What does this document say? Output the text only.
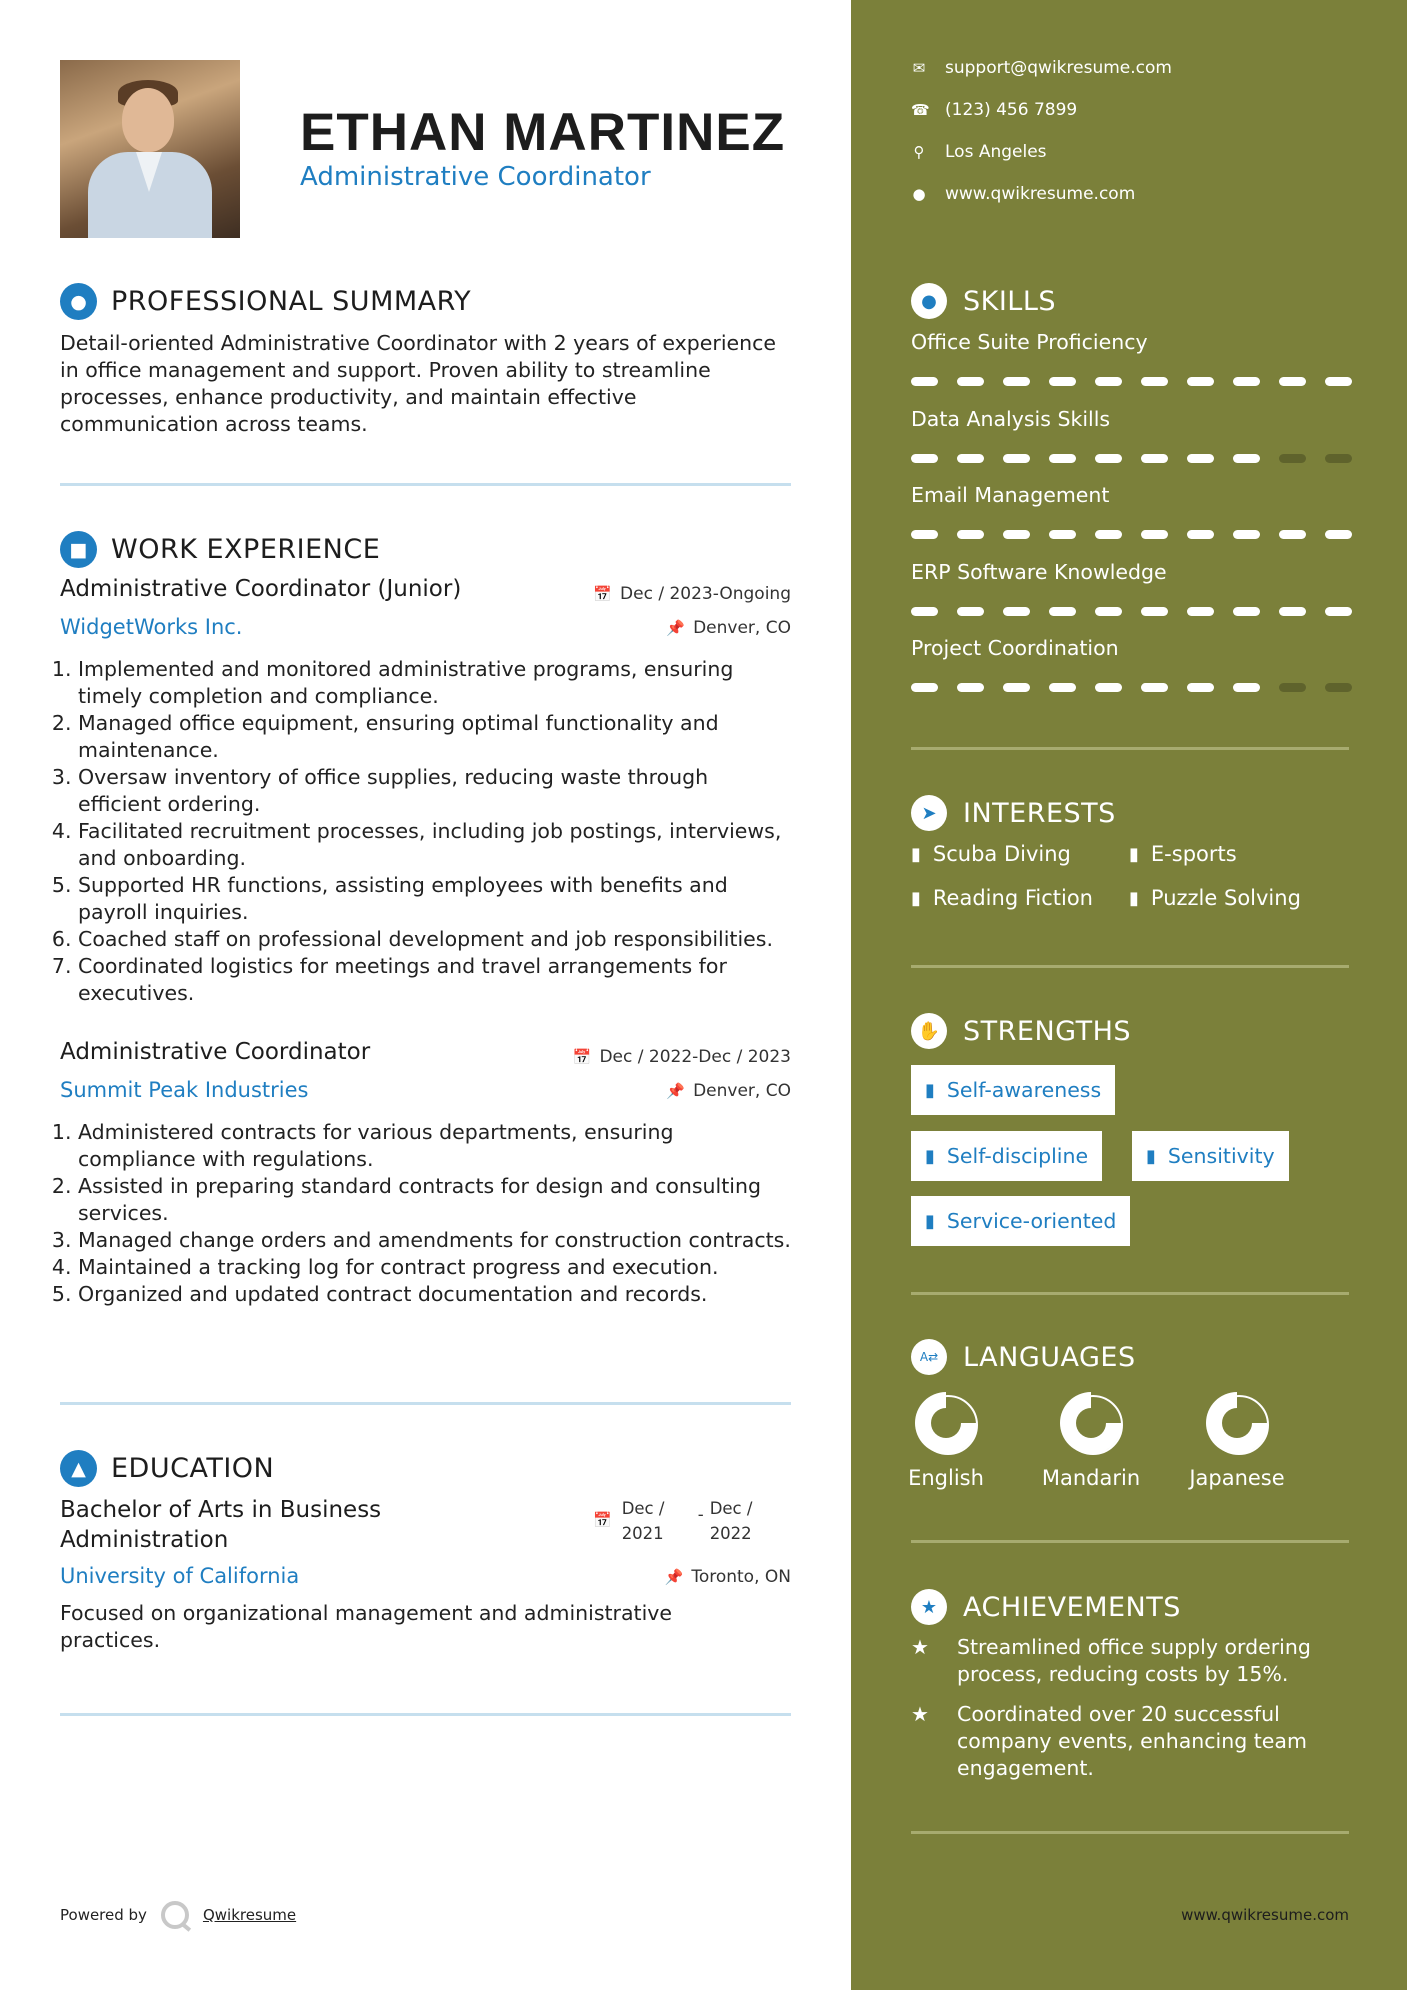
ETHAN MARTINEZ
Administrative Coordinator
● PROFESSIONAL SUMMARY
Detail-oriented Administrative Coordinator with 2 years of experience in office management and support. Proven ability to streamline processes, enhance productivity, and maintain effective communication across teams.
■ WORK EXPERIENCE
Administrative Coordinator (Junior)	📅 Dec / 2023-Ongoing
WidgetWorks Inc.	📌 Denver, CO
1. Implemented and monitored administrative programs, ensuring timely completion and compliance.
2. Managed office equipment, ensuring optimal functionality and maintenance.
3. Oversaw inventory of office supplies, reducing waste through efficient ordering.
4. Facilitated recruitment processes, including job postings, interviews, and onboarding.
5. Supported HR functions, assisting employees with benefits and payroll inquiries.
6. Coached staff on professional development and job responsibilities.
7. Coordinated logistics for meetings and travel arrangements for executives.
Administrative Coordinator	📅 Dec / 2022-Dec / 2023
Summit Peak Industries	📌 Denver, CO
1. Administered contracts for various departments, ensuring compliance with regulations.
2. Assisted in preparing standard contracts for design and consulting services.
3. Managed change orders and amendments for construction contracts.
4. Maintained a tracking log for contract progress and execution.
5. Organized and updated contract documentation and records.
▲ EDUCATION
Bachelor of Arts in Business
Administration
📅
Dec /
2021
- Dec /
2022
University of California	📌 Toronto, ON
Focused on organizational management and administrative practices.
Powered by	Qwikresume
✉ support@qwikresume.com
☎ (123) 456 7899
⚲ Los Angeles
● www.qwikresume.com
● SKILLS
Office Suite Proficiency
Data Analysis Skills
Email Management
ERP Software Knowledge
Project Coordination
➤ INTERESTS
▮ Scuba Diving	▮ E-sports
▮ Reading Fiction ▮ Puzzle Solving
✋ STRENGTHS
▮ Self-awareness
▮ Self-discipline	▮ Sensitivity
▮ Service-oriented
A⇄ LANGUAGES
English	Mandarin	Japanese
★ ACHIEVEMENTS
★	Streamlined office supply ordering process, reducing costs by 15%.
★	Coordinated over 20 successful company events, enhancing team engagement.
www.qwikresume.com
